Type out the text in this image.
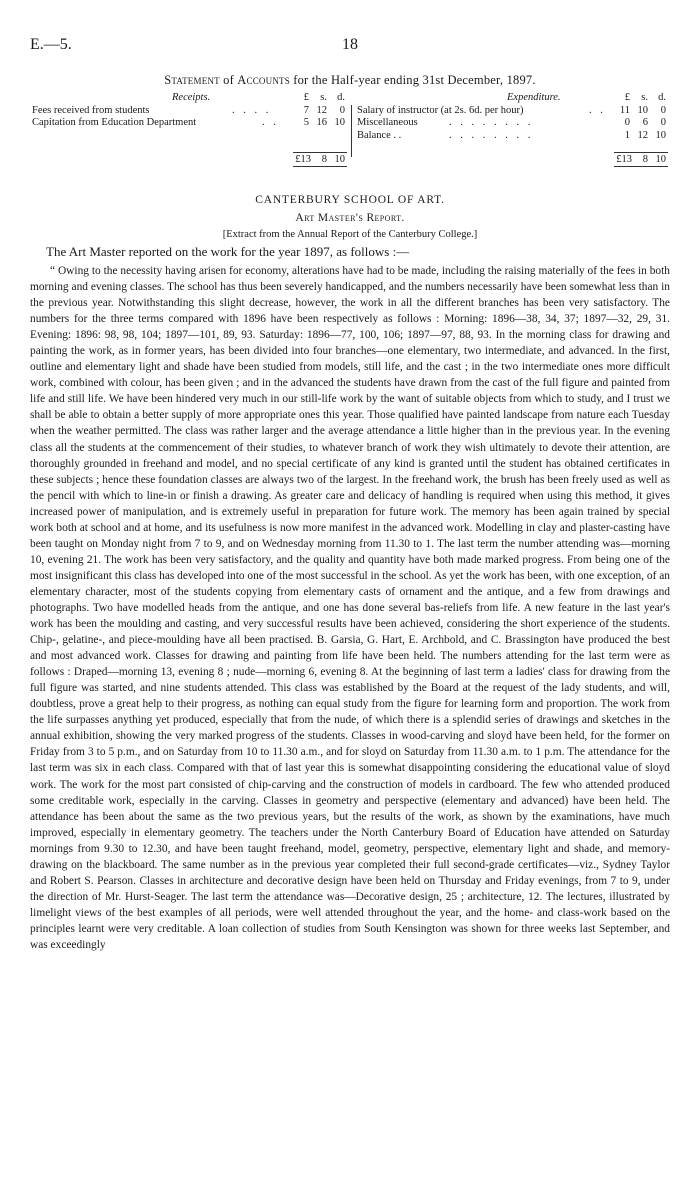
E.—5.	18
Statement of Accounts for the Half-year ending 31st December, 1897.
Receipts.	£ s. d.
Fees received from students	. . . .	7 12 0
Capitation from Education Department	. .	5 16 10
£13 8 10
Expenditure.	£ s. d.
Salary of instructor (at 2s. 6d. per hour)	. .	11 10 0
Miscellaneous	. . . . . . . .	0 6 0
Balance . .	. . . . . . . .	1 12 10
£13 8 10
CANTERBURY SCHOOL OF ART.
Art Master's Report.
[Extract from the Annual Report of the Canterbury College.]
The Art Master reported on the work for the year 1897, as follows :—

“ Owing to the necessity having arisen for economy, alterations have had to be made, including the raising materially of the fees in both morning and evening classes. The school has thus been severely handicapped, and the numbers necessarily have been somewhat less than in the previous year. Notwithstanding this slight decrease, however, the work in all the different branches has been very satisfactory. The numbers for the three terms compared with 1896 have been respectively as follows : Morning: 1896—38, 34, 37; 1897—32, 29, 31. Evening: 1896: 98, 98, 104; 1897—101, 89, 93. Saturday: 1896—77, 100, 106; 1897—97, 88, 93. In the morning class for drawing and painting the work, as in former years, has been divided into four branches—one elementary, two intermediate, and advanced. In the first, outline and elementary light and shade have been studied from models, still life, and the cast ; in the two intermediate ones more difficult work, combined with colour, has been given ; and in the advanced the students have drawn from the cast of the full figure and painted from life and still life. We have been hindered very much in our still-life work by the want of suitable objects from which to study, and I trust we shall be able to obtain a better supply of more appropriate ones this year. Those qualified have painted landscape from nature each Tuesday when the weather permitted. The class was rather larger and the average attendance a little higher than in the previous year. In the evening class all the students at the commencement of their studies, to whatever branch of work they wish ultimately to devote their attention, are thoroughly grounded in freehand and model, and no special certificate of any kind is granted until the student has obtained certificates in these subjects ; hence these foundation classes are always two of the largest. In the freehand work, the brush has been freely used as well as the pencil with which to line-in or finish a drawing. As greater care and delicacy of handling is required when using this method, it gives increased power of manipulation, and is extremely useful in preparation for future work. The memory has been again trained by special work both at school and at home, and its usefulness is now more manifest in the advanced work. Modelling in clay and plaster-casting have been taught on Monday night from 7 to 9, and on Wednesday morning from 11.30 to 1. The last term the number attending was—morning 10, evening 21. The work has been very satisfactory, and the quality and quantity have both made marked progress. From being one of the most insignificant this class has developed into one of the most successful in the school. As yet the work has been, with one exception, of an elementary character, most of the students copying from elementary casts of ornament and the antique, and a few from drawings and photographs. Two have modelled heads from the antique, and one has done several bas-reliefs from life. A new feature in the last year's work has been the moulding and casting, and very successful results have been achieved, considering the short experience of the students. Chip-, gelatine-, and piece-moulding have all been practised. B. Garsia, G. Hart, E. Archbold, and C. Brassington have produced the best and most advanced work. Classes for drawing and painting from life have been held. The numbers attending for the last term were as follows : Draped—morning 13, evening 8 ; nude—morning 6, evening 8. At the beginning of last term a ladies' class for drawing from the full figure was started, and nine students attended. This class was established by the Board at the request of the lady students, and will, doubtless, prove a great help to their progress, as nothing can equal study from the figure for learning form and proportion. The work from the life surpasses anything yet produced, especially that from the nude, of which there is a splendid series of drawings and sketches in the annual exhibition, showing the very marked progress of the students. Classes in wood-carving and sloyd have been held, for the former on Friday from 3 to 5 p.m., and on Saturday from 10 to 11.30 a.m., and for sloyd on Saturday from 11.30 a.m. to 1 p.m. The attendance for the last term was six in each class. Compared with that of last year this is somewhat disappointing considering the educational value of sloyd work. The work for the most part consisted of chip-carving and the construction of models in cardboard. The few who attended produced some creditable work, especially in the carving. Classes in geometry and perspective (elementary and advanced) have been held. The attendance has been about the same as the two previous years, but the results of the work, as shown by the examinations, have much improved, especially in elementary geometry. The teachers under the North Canterbury Board of Education have attended on Saturday mornings from 9.30 to 12.30, and have been taught freehand, model, geometry, perspective, elementary light and shade, and memory-drawing on the blackboard. The same number as in the previous year completed their full second-grade certificates—viz., Sydney Taylor and Robert S. Pearson. Classes in architecture and decorative design have been held on Thursday and Friday evenings, from 7 to 9, under the direction of Mr. Hurst-Seager. The last term the attendance was—Decorative design, 25 ; architecture, 12. The lectures, illustrated by limelight views of the best examples of all periods, were well attended throughout the year, and the home- and class-work based on the principles learnt were very creditable. A loan collection of studies from South Kensington was shown for three weeks last September, and was exceedingly
